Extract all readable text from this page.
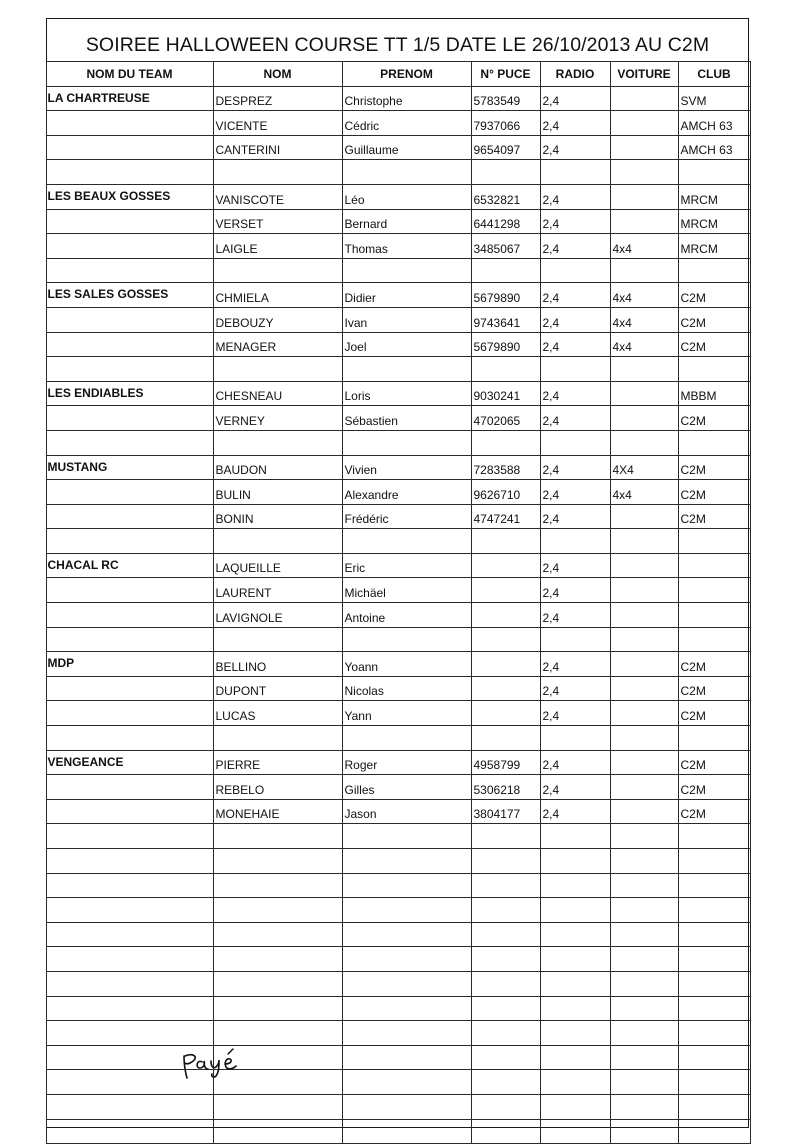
SOIREE HALLOWEEN COURSE TT 1/5 DATE LE 26/10/2013 AU C2M
NOM DU TEAM	NOM	PRENOM	N° PUCE	RADIO	VOITURE	CLUB
LA CHARTREUSE	DESPREZ	Christophe	5783549	2,4		SVM
	VICENTE	Cédric	7937066	2,4		AMCH 63
	CANTERINI	Guillaume	9654097	2,4		AMCH 63

LES BEAUX GOSSES	VANISCOTE	Léo	6532821	2,4		MRCM
	VERSET	Bernard	6441298	2,4		MRCM
	LAIGLE	Thomas	3485067	2,4	4x4	MRCM

LES SALES GOSSES	CHMIELA	Didier	5679890	2,4	4x4	C2M
	DEBOUZY	Ivan	9743641	2,4	4x4	C2M
	MENAGER	Joel	5679890	2,4	4x4	C2M

LES ENDIABLES	CHESNEAU	Loris	9030241	2,4		MBBM
	VERNEY	Sébastien	4702065	2,4		C2M

MUSTANG	BAUDON	Vivien	7283588	2,4	4X4	C2M
	BULIN	Alexandre	9626710	2,4	4x4	C2M
	BONIN	Frédéric	4747241	2,4		C2M

CHACAL RC	LAQUEILLE	Eric		2,4		
	LAURENT	Michäel		2,4		
	LAVIGNOLE	Antoine		2,4		

MDP	BELLINO	Yoann		2,4		C2M
	DUPONT	Nicolas		2,4		C2M
	LUCAS	Yann		2,4		C2M

VENGEANCE	PIERRE	Roger	4958799	2,4		C2M
	REBELO	Gilles	5306218	2,4		C2M
	MONEHAIE	Jason	3804177	2,4		C2M
